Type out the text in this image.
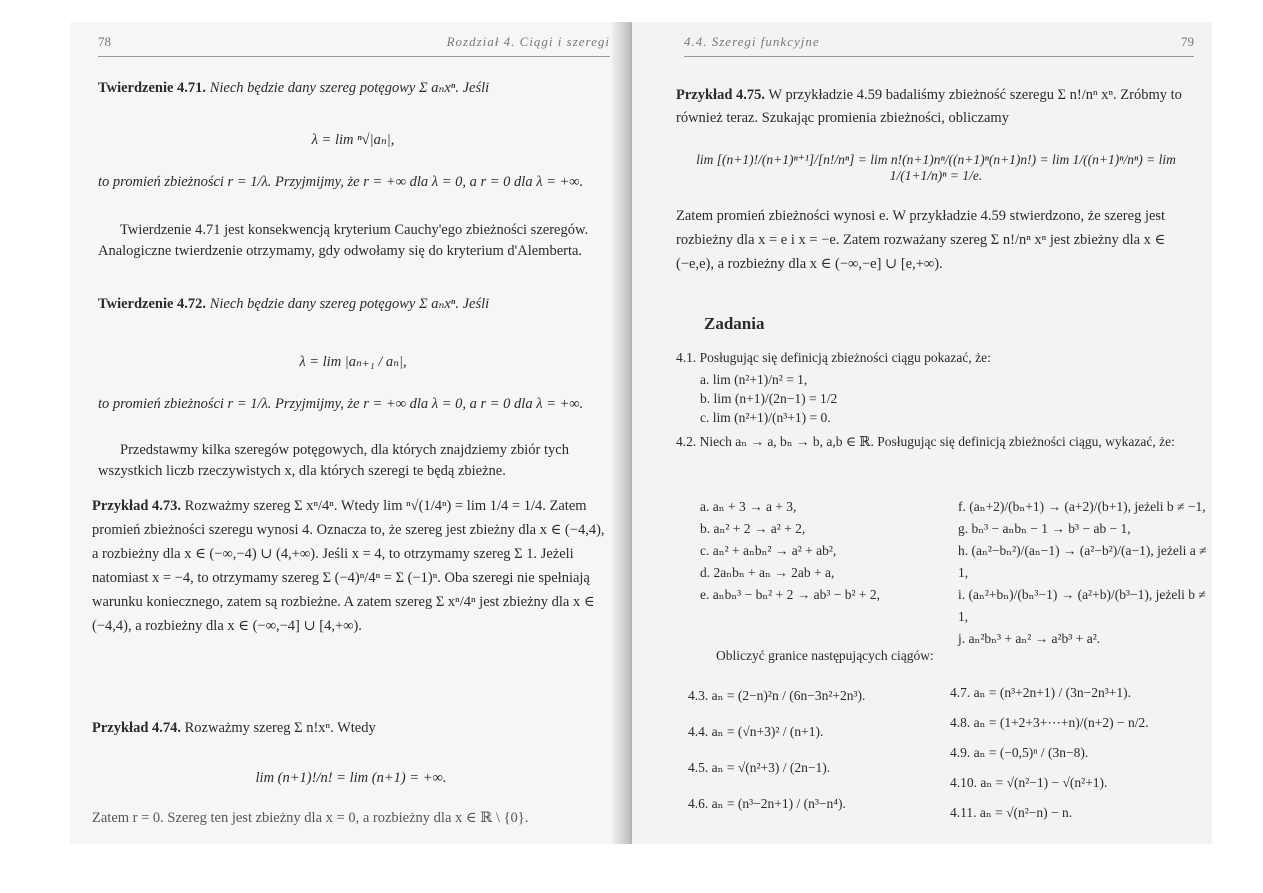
78	Rozdział 4. Ciągi i szeregi
Twierdzenie 4.71. Niech będzie dany szereg potęgowy Σ aₙxⁿ. Jeśli
λ = lim ⁿ√|aₙ|,
to promień zbieżności r = 1/λ. Przyjmijmy, że r = +∞ dla λ = 0, a r = 0 dla λ = +∞.
Twierdzenie 4.71 jest konsekwencją kryterium Cauchy'ego zbieżności szeregów. Analogiczne twierdzenie otrzymamy, gdy odwołamy się do kryterium d'Alemberta.
Twierdzenie 4.72. Niech będzie dany szereg potęgowy Σ aₙxⁿ. Jeśli
λ = lim |aₙ₊₁ / aₙ|,
to promień zbieżności r = 1/λ. Przyjmijmy, że r = +∞ dla λ = 0, a r = 0 dla λ = +∞.
Przedstawmy kilka szeregów potęgowych, dla których znajdziemy zbiór tych wszystkich liczb rzeczywistych x, dla których szeregi te będą zbieżne.
Przykład 4.73. Rozważmy szereg Σ xⁿ/4ⁿ. Wtedy lim ⁿ√(1/4ⁿ) = lim 1/4 = 1/4. Zatem promień zbieżności szeregu wynosi 4. Oznacza to, że szereg jest zbieżny dla x ∈ (−4,4), a rozbieżny dla x ∈ (−∞,−4) ∪ (4,+∞). Jeśli x = 4, to otrzymamy szereg Σ 1. Jeżeli natomiast x = −4, to otrzymamy szereg Σ (−4)ⁿ/4ⁿ = Σ (−1)ⁿ. Oba szeregi nie spełniają warunku koniecznego, zatem są rozbieżne. A zatem szereg Σ xⁿ/4ⁿ jest zbieżny dla x ∈ (−4,4), a rozbieżny dla x ∈ (−∞,−4] ∪ [4,+∞).
Przykład 4.74. Rozważmy szereg Σ n!xⁿ. Wtedy
lim (n+1)!/n! = lim (n+1) = +∞.
Zatem r = 0. Szereg ten jest zbieżny dla x = 0, a rozbieżny dla x ∈ ℝ \ {0}.
4.4. Szeregi funkcyjne	79
Przykład 4.75. W przykładzie 4.59 badaliśmy zbieżność szeregu Σ n!/nⁿ xⁿ. Zróbmy to również teraz. Szukając promienia zbieżności, obliczamy
lim [(n+1)!/(n+1)ⁿ⁺¹]/[n!/nⁿ] = lim n!(n+1)nⁿ/((n+1)ⁿ(n+1)n!) = lim 1/((n+1)ⁿ/nⁿ) = lim 1/(1+1/n)ⁿ = 1/e.
Zatem promień zbieżności wynosi e. W przykładzie 4.59 stwierdzono, że szereg jest rozbieżny dla x = e i x = −e. Zatem rozważany szereg Σ n!/nⁿ xⁿ jest zbieżny dla x ∈ (−e,e), a rozbieżny dla x ∈ (−∞,−e] ∪ [e,+∞).
Zadania
4.1. Posługując się definicją zbieżności ciągu pokazać, że:
a. lim (n²+1)/n² = 1,
b. lim (n+1)/(2n−1) = 1/2
c. lim (n²+1)/(n³+1) = 0.
4.2. Niech aₙ → a, bₙ → b, a,b ∈ ℝ. Posługując się definicją zbieżności ciągu, wykazać, że:
a. aₙ + 3 → a + 3,
b. aₙ² + 2 → a² + 2,
c. aₙ² + aₙbₙ² → a² + ab²,
d. 2aₙbₙ + aₙ → 2ab + a,
e. aₙbₙ³ − bₙ² + 2 → ab³ − b² + 2,
f. (aₙ+2)/(bₙ+1) → (a+2)/(b+1), jeżeli b ≠ −1,
g. bₙ³ − aₙbₙ − 1 → b³ − ab − 1,
h. (aₙ²−bₙ²)/(aₙ−1) → (a²−b²)/(a−1), jeżeli a ≠ 1,
i. (aₙ²+bₙ)/(bₙ³−1) → (a²+b)/(b³−1), jeżeli b ≠ 1,
j. aₙ²bₙ³ + aₙ² → a²b³ + a².
Obliczyć granice następujących ciągów:
4.3. aₙ = (2−n)²n / (6n−3n²+2n³).
4.4. aₙ = (√n+3)² / (n+1).
4.5. aₙ = √(n²+3) / (2n−1).
4.6. aₙ = (n³−2n+1) / (n³−n⁴).
4.7. aₙ = (n³+2n+1) / (3n−2n³+1).
4.8. aₙ = (1+2+3+⋯+n)/(n+2) − n/2.
4.9. aₙ = (−0,5)ⁿ / (3n−8).
4.10. aₙ = √(n²−1) − √(n²+1).
4.11. aₙ = √(n²−n) − n.
